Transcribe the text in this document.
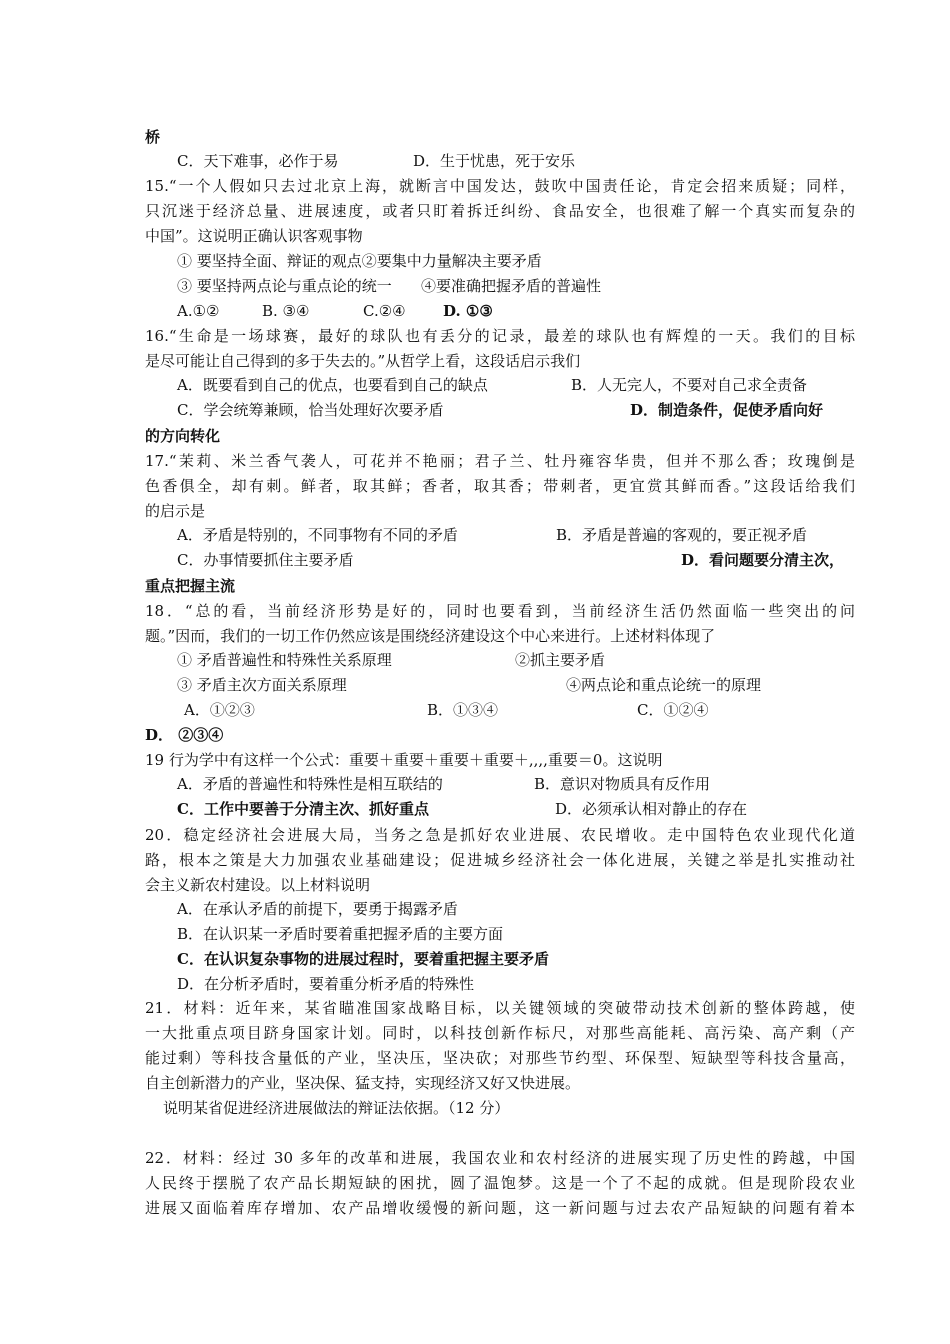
桥
C．天下难事，必作于易	D．生于忧患，死于安乐
15.“一个人假如只去过北京上海，就断言中国发达，鼓吹中国责任论，肯定会招来质疑；同样，
只沉迷于经济总量、进展速度，或者只盯着拆迁纠纷、食品安全，也很难了解一个真实而复杂的
中国”。这说明正确认识客观事物
① 要坚持全面、辩证的观点②要集中力量解决主要矛盾
③ 要坚持两点论与重点论的统一 ④要准确把握矛盾的普遍性
A.①②	B. ③④	C.②④ D. ①③
16.“生命是一场球赛，最好的球队也有丢分的记录，最差的球队也有辉煌的一天。我们的目标
是尽可能让自己得到的多于失去的。”从哲学上看，这段话启示我们
A．既要看到自己的优点，也要看到自己的缺点	B．人无完人，不要对自己求全责备
C．学会统筹兼顾，恰当处理好次要矛盾	D．制造条件，促使矛盾向好
的方向转化
17.“茉莉、米兰香气袭人，可花并不艳丽；君子兰、牡丹雍容华贵，但并不那么香；玫瑰倒是
色香俱全，却有刺。鲜者，取其鲜；香者，取其香；带刺者，更宜赏其鲜而香。”这段话给我们
的启示是
A．矛盾是特别的，不同事物有不同的矛盾	B．矛盾是普遍的客观的，要正视矛盾
C．办事情要抓住主要矛盾	D．看问题要分清主次，
重点把握主流
18．“总的看，当前经济形势是好的，同时也要看到，当前经济生活仍然面临一些突出的问
题。”因而，我们的一切工作仍然应该是围绕经济建设这个中心来进行。上述材料体现了
① 矛盾普遍性和特殊性关系原理	②抓主要矛盾
③ 矛盾主次方面关系原理	④两点论和重点论统一的原理
A．①②③	B．①③④	C．①②④
D． ②③④
19 行为学中有这样一个公式：重要＋重要＋重要＋重要＋,,,,重要＝0。这说明
A．矛盾的普遍性和特殊性是相互联结的	B．意识对物质具有反作用
C．工作中要善于分清主次、抓好重点	D．必须承认相对静止的存在
20．稳定经济社会进展大局，当务之急是抓好农业进展、农民增收。走中国特色农业现代化道
路，根本之策是大力加强农业基础建设；促进城乡经济社会一体化进展，关键之举是扎实推动社
会主义新农村建设。以上材料说明
A．在承认矛盾的前提下，要勇于揭露矛盾
B．在认识某一矛盾时要着重把握矛盾的主要方面
C．在认识复杂事物的进展过程时，要着重把握主要矛盾
D．在分析矛盾时，要着重分析矛盾的特殊性
21．材料：近年来，某省瞄准国家战略目标，以关键领域的突破带动技术创新的整体跨越，使
一大批重点项目跻身国家计划。同时，以科技创新作标尺，对那些高能耗、高污染、高产剩（产
能过剩）等科技含量低的产业，坚决压，坚决砍；对那些节约型、环保型、短缺型等科技含量高，
自主创新潜力的产业，坚决保、猛支持，实现经济又好又快进展。
说明某省促进经济进展做法的辩证法依据。（12 分）
22．材料：经过 30 多年的改革和进展，我国农业和农村经济的进展实现了历史性的跨越，中国
人民终于摆脱了农产品长期短缺的困扰，圆了温饱梦。这是一个了不起的成就。但是现阶段农业
进展又面临着库存增加、农产品增收缓慢的新问题，这一新问题与过去农产品短缺的问题有着本
